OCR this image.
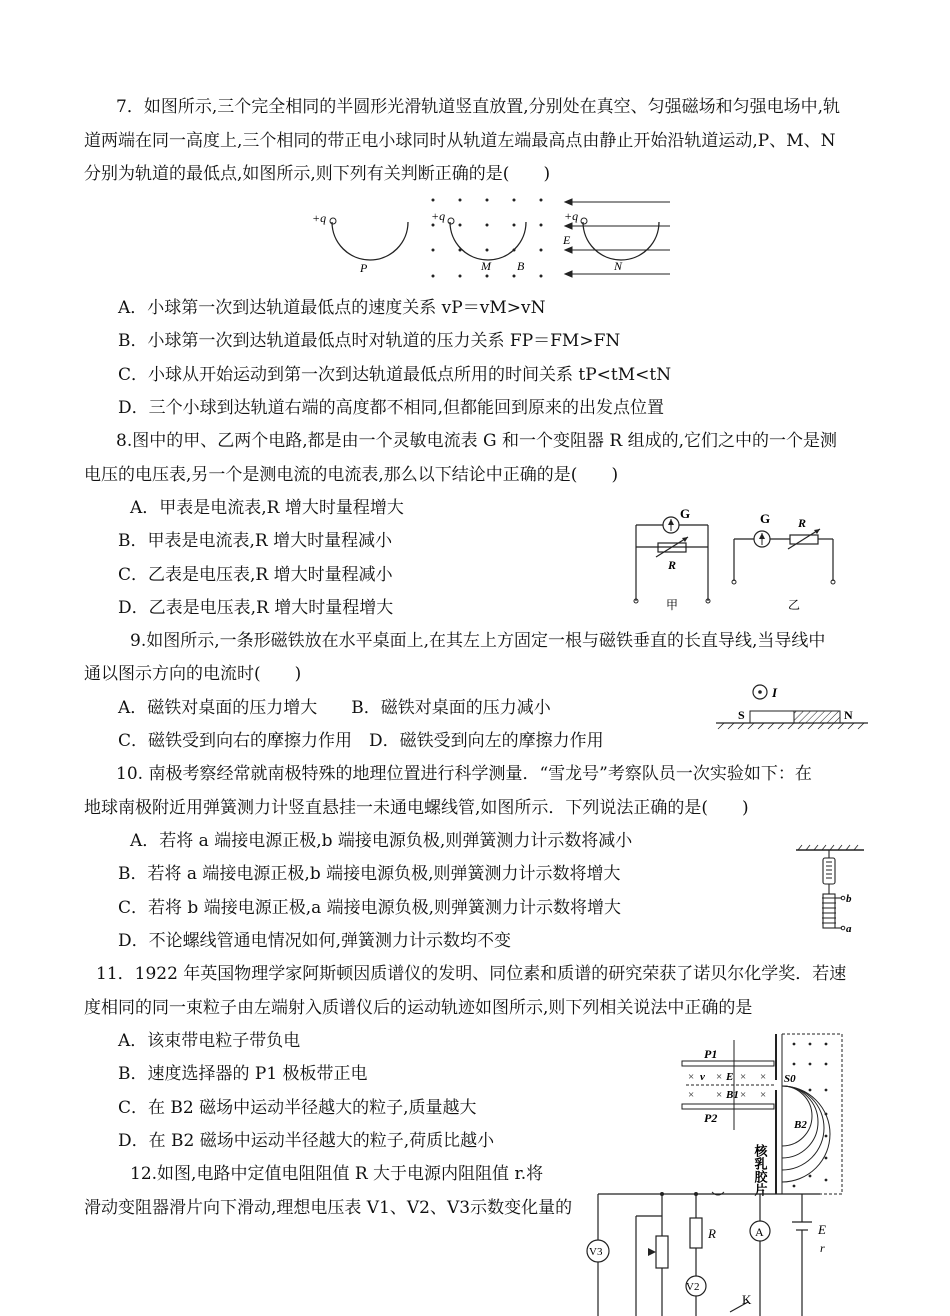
7．如图所示,三个完全相同的半圆形光滑轨道竖直放置,分别处在真空、匀强磁场和匀强电场中,轨
道两端在同一高度上,三个相同的带正电小球同时从轨道左端最高点由静止开始沿轨道运动,P、M、N
分别为轨道的最低点,如图所示,则下列有关判断正确的是(　　)
+q
P
+q
M B
+q
E
N
A．小球第一次到达轨道最低点的速度关系 vP＝vM>vN
B．小球第一次到达轨道最低点时对轨道的压力关系 FP＝FM>FN
C．小球从开始运动到第一次到达轨道最低点所用的时间关系 tP<tM<tN
D．三个小球到达轨道右端的高度都不相同,但都能回到原来的出发点位置
8.图中的甲、乙两个电路,都是由一个灵敏电流表 G 和一个变阻器 R 组成的,它们之中的一个是测
电压的电压表,另一个是测电流的电流表,那么以下结论中正确的是(　　)
A．甲表是电流表,R 增大时量程增大
B．甲表是电流表,R 增大时量程减小
C．乙表是电压表,R 增大时量程减小
D．乙表是电压表,R 增大时量程增大
G
R
G R
甲	乙
9.如图所示,一条形磁铁放在水平桌面上,在其左上方固定一根与磁铁垂直的长直导线,当导线中
通以图示方向的电流时(　　)
A．磁铁对桌面的压力增大　　B．磁铁对桌面的压力减小
C．磁铁受到向右的摩擦力作用　D．磁铁受到向左的摩擦力作用
I
S	N
10. 南极考察经常就南极特殊的地理位置进行科学测量．“雪龙号”考察队员一次实验如下：在
地球南极附近用弹簧测力计竖直悬挂一未通电螺线管,如图所示．下列说法正确的是(　　)
A．若将 a 端接电源正极,b 端接电源负极,则弹簧测力计示数将减小
B．若将 a 端接电源正极,b 端接电源负极,则弹簧测力计示数将增大
C．若将 b 端接电源正极,a 端接电源负极,则弹簧测力计示数将增大
D．不论螺线管通电情况如何,弹簧测力计示数均不变
b
a
11．1922 年英国物理学家阿斯顿因质谱仪的发明、同位素和质谱的研究荣获了诺贝尔化学奖．若速
度相同的同一束粒子由左端射入质谱仪后的运动轨迹如图所示,则下列相关说法中正确的是
A．该束带电粒子带负电
B．速度选择器的 P1 极板带正电
C．在 B2 磁场中运动半径越大的粒子,质量越大
D．在 B2 磁场中运动半径越大的粒子,荷质比越小
P1
P2
× × × ×
× × × ×
v E
B1
S0
B2
核乳胶片
12.如图,电路中定值电阻阻值 R 大于电源内阻阻值 r.将
滑动变阻器滑片向下滑动,理想电压表 V1、V2、V3示数变化量的
V3
V2
R	A	E
r
K
